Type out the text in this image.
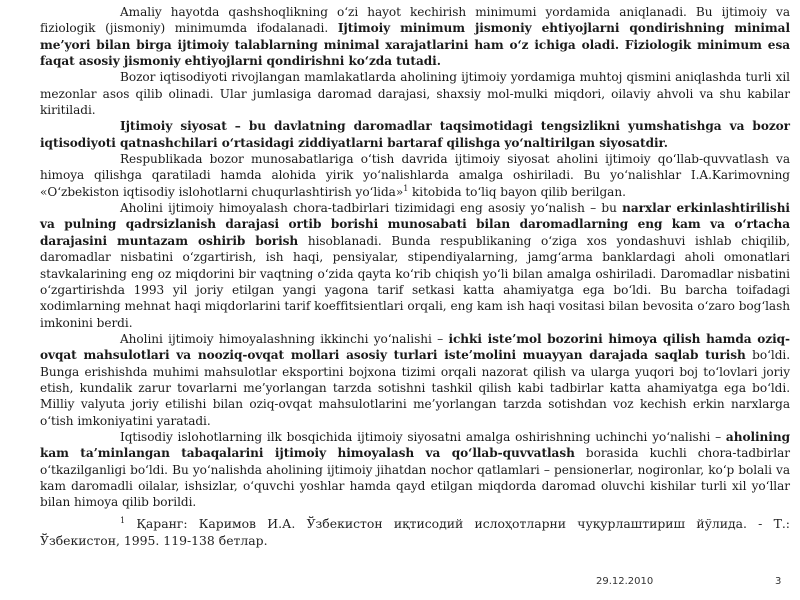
Amaliy hayotda qashshoqlikning o‘zi hayot kechirish minimumi yordamida aniqlanadi. Bu ijtimoiy va fiziologik (jismoniy) minimumda ifodalanadi. Ijtimoiy minimum jismoniy ehtiyojlarni qondirishning minimal me’yori bilan birga ijtimoiy talablarning minimal xarajatlarini ham o‘z ichiga oladi. Fiziologik minimum esa faqat asosiy jismoniy ehtiyojlarni qondirishni ko‘zda tutadi.

Bozor iqtisodiyoti rivojlangan mamlakatlarda aholining ijtimoiy yordamiga muhtoj qismini aniqlashda turli xil mezonlar asos qilib olinadi. Ular jumlasiga daromad darajasi, shaxsiy mol-mulki miqdori, oilaviy ahvoli va shu kabilar kiritiladi.

Ijtimoiy siyosat – bu davlatning daromadlar taqsimotidagi tengsizlikni yumshatishga va bozor iqtisodiyoti qatnashchilari o‘rtasidagi ziddiyatlarni bartaraf qilishga yo‘naltirilgan siyosatdir.

Respublikada bozor munosabatlariga o‘tish davrida ijtimoiy siyosat aholini ijtimoiy qo‘llab-quvvatlash va himoya qilishga qaratiladi hamda alohida yirik yo‘nalishlarda amalga oshiriladi. Bu yo‘nalishlar I.A.Karimovning «O‘zbekiston iqtisodiy islohotlarni chuqurlashtirish yo‘lida»$^1$ kitobida to‘liq bayon qilib berilgan.

Aholini ijtimoiy himoyalash chora-tadbirlari tizimidagi eng asosiy yo‘nalish – bu narxlar erkinlashtirilishi va pulning qadrsizlanish darajasi ortib borishi munosabati bilan daromadlarning eng kam va o‘rtacha darajasini muntazam oshirib borish hisoblanadi. Bunda respublikaning o‘ziga xos yondashuvi ishlab chiqilib, daromadlar nisbatini o‘zgartirish, ish haqi, pensiyalar, stipendiyalarning, jamg‘arma banklardagi aholi omonatlari stavkalarining eng oz miqdorini bir vaqtning o‘zida qayta ko‘rib chiqish yo‘li bilan amalga oshiriladi. Daromadlar nisbatini o‘zgartirishda 1993 yil joriy etilgan yangi yagona tarif setkasi katta ahamiyatga ega bo‘ldi. Bu barcha toifadagi xodimlarning mehnat haqi miqdorlarini tarif koeffitsientlari orqali, eng kam ish haqi vositasi bilan bevosita o‘zaro bog‘lash imkonini berdi.

Aholini ijtimoiy himoyalashning ikkinchi yo‘nalishi – ichki iste’mol bozorini himoya qilish hamda oziq-ovqat mahsulotlari va nooziq-ovqat mollari asosiy turlari iste’molini muayyan darajada saqlab turish bo‘ldi. Bunga erishishda muhimi mahsulotlar eksportini bojxona tizimi orqali nazorat qilish va ularga yuqori boj to‘lovlari joriy etish, kundalik zarur tovarlarni me’yorlangan tarzda sotishni tashkil qilish kabi tadbirlar katta ahamiyatga ega bo‘ldi. Milliy valyuta joriy etilishi bilan oziq-ovqat mahsulotlarini me’yorlangan tarzda sotishdan voz kechish erkin narxlarga o‘tish imkoniyatini yaratadi.

Iqtisodiy islohotlarning ilk bosqichida ijtimoiy siyosatni amalga oshirishning uchinchi yo‘nalishi – aholining kam ta’minlangan tabaqalarini ijtimoiy himoyalash va qo‘llab-quvvatlash borasida kuchli chora-tadbirlar o‘tkazilganligi bo‘ldi. Bu yo‘nalishda aholining ijtimoiy jihatdan nochor qatlamlari – pensionerlar, nogironlar, ko‘p bolali va kam daromadli oilalar, ishsizlar, o‘quvchi yoshlar hamda qayd etilgan miqdorda daromad oluvchi kishilar turli xil yo‘llar bilan himoya qilib borildi.

$^1$ Қаранг: Каримов И.А. Ўзбекистон иқтисодий ислоҳотларни чуқурлаштириш йўлида. - Т.: Ўзбекистон, 1995. 119-138 бетлар.

29.12.2010	3
